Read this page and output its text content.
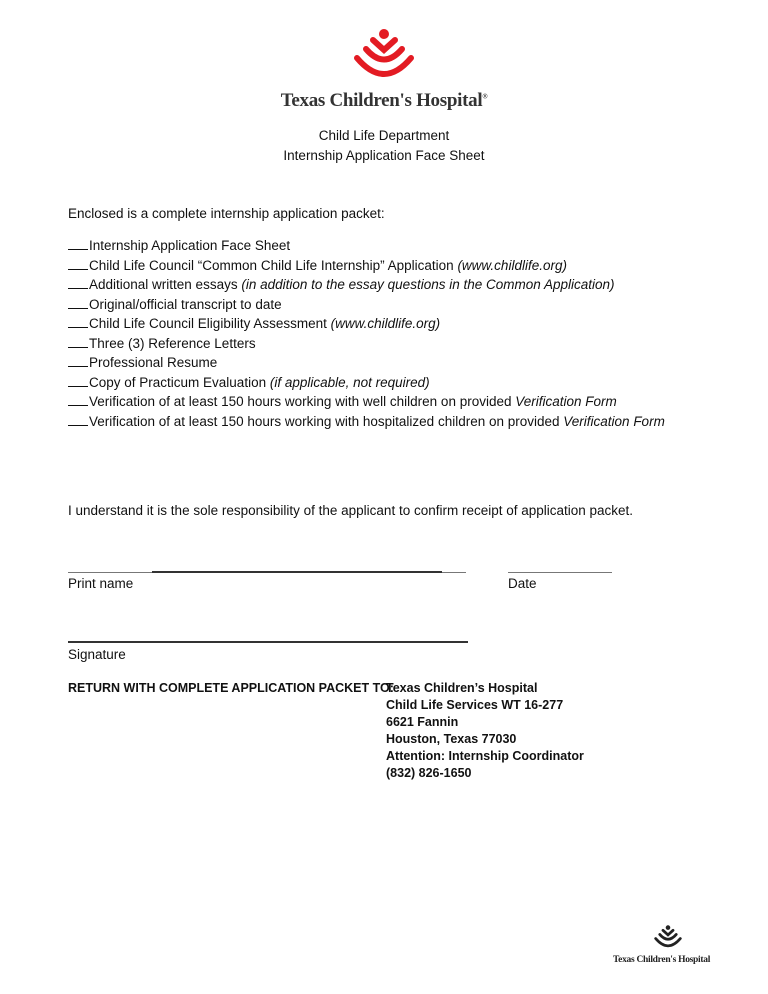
Texas Children's Hospital®
Child Life Department
Internship Application Face Sheet
Enclosed is a complete internship application packet:
Internship Application Face Sheet
Child Life Council “Common Child Life Internship” Application (www.childlife.org)
Additional written essays (in addition to the essay questions in the Common Application)
Original/official transcript to date
Child Life Council Eligibility Assessment (www.childlife.org)
Three (3) Reference Letters
Professional Resume
Copy of Practicum Evaluation (if applicable, not required)
Verification of at least 150 hours working with well children on provided Verification Form
Verification of at least 150 hours working with hospitalized children on provided Verification Form
I understand it is the sole responsibility of the applicant to confirm receipt of application packet.
Print name	Date
Signature
RETURN WITH COMPLETE APPLICATION PACKET TO:
Texas Children’s Hospital
Child Life Services WT 16-277
6621 Fannin
Houston, Texas 77030
Attention: Internship Coordinator
(832) 826-1650
Texas Children's Hospital
